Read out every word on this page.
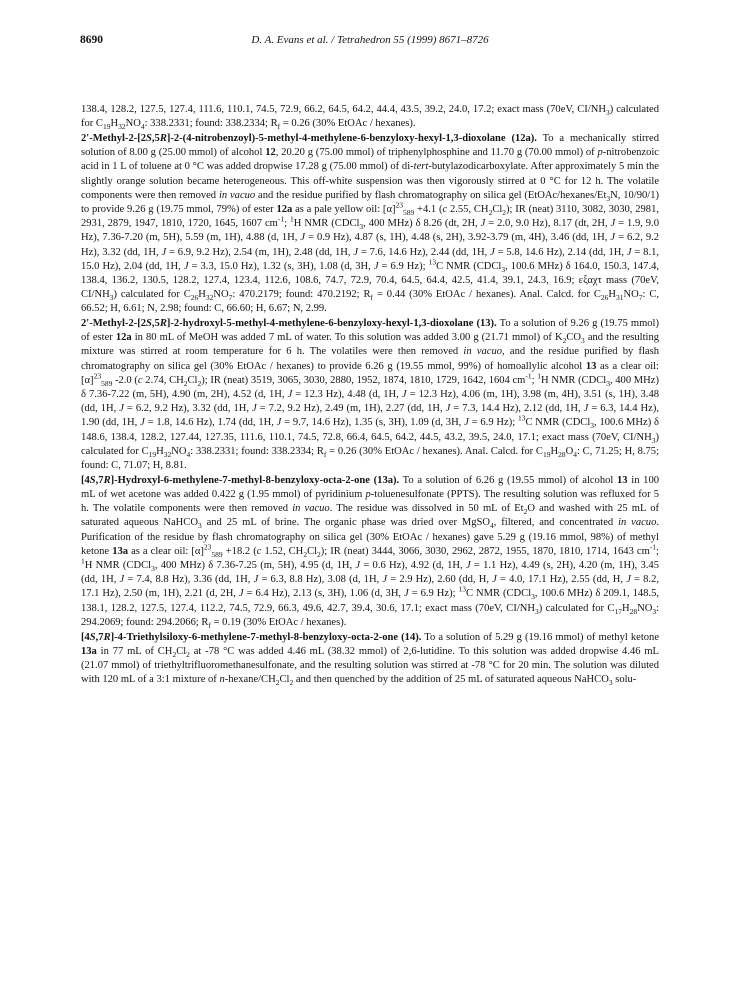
8690	D. A. Evans et al. / Tetrahedron 55 (1999) 8671–8726

138.4, 128.2, 127.5, 127.4, 111.6, 110.1, 74.5, 72.9, 66.2, 64.5, 64.2, 44.4, 43.5, 39.2, 24.0, 17.2; exact mass (70eV, $CI/NH_3$) calculated for $C_{19}H_{32}NO_4$: 338.2331; found: 338.2334; $R_f = 0.26$ (30% EtOAc / hexanes).

2'-Methyl-2-[2S,5R]-2-(4-nitrobenzoyl)-5-methyl-4-methylene-6-benzyloxy-hexyl-1,3-dioxolane (12a). To a mechanically stirred solution of 8.00 g (25.00 mmol) of alcohol 12, 20.20 g (75.00 mmol) of triphenylphosphine and 11.70 g (70.00 mmol) of p-nitrobenzoic acid in 1 L of toluene at 0 °C was added dropwise 17.28 g (75.00 mmol) of di-tert-butylazodicarboxylate. After approximately 5 min the slightly orange solution became heterogeneous. This off-white suspension was then vigorously stirred at 0 °C for 12 h. The volatile components were then removed in vacuo and the residue purified by flash chromatography on silica gel ($EtOAc/hexanes/Et_3N$, 10/90/1) to provide 9.26 g (19.75 mmol, 79%) of ester 12a as a pale yellow oil: $[\alpha]^{23}_{589} +4.1$ (c 2.55, $CH_2Cl_2$); IR (neat) 3110, 3082, 3030, 2981, 2931, 2879, 1947, 1810, 1720, 1645, 1607 $cm^{-1}$; $^1$H NMR (CDCl$_3$, 400 MHz) δ 8.26 (dt, 2H, J = 2.0, 9.0 Hz), 8.17 (dt, 2H, J = 1.9, 9.0 Hz), 7.36-7.20 (m, 5H), 5.59 (m, 1H), 4.88 (d, 1H, J = 0.9 Hz), 4.87 (s, 1H), 4.48 (s, 2H), 3.92-3.79 (m, 4H), 3.46 (dd, 1H, J = 6.2, 9.2 Hz), 3.32 (dd, 1H, J = 6.9, 9.2 Hz), 2.54 (m, 1H), 2.48 (dd, 1H, J = 7.6, 14.6 Hz), 2.44 (dd, 1H, J = 5.8, 14.6 Hz), 2.14 (dd, 1H, J = 8.1, 15.0 Hz), 2.04 (dd, 1H, J = 3.3, 15.0 Hz), 1.32 (s, 3H), 1.08 (d, 3H, J = 6.9 Hz); $^{13}$C NMR (CDCl$_3$, 100.6 MHz) δ 164.0, 150.3, 147.4, 138.4, 136.2, 130.5, 128.2, 127.4, 123.4, 112.6, 108.6, 74.7, 72.9, 70.4, 64.5, 64.4, 42.5, 41.4, 39.1, 24.3, 16.9; εξαχτ mass (70eV, $CI/NH_3$) calculated for $C_{26}H_{32}NO_7$: 470.2179; found: 470.2192; $R_f = 0.44$ (30% EtOAc / hexanes). Anal. Calcd. for $C_{26}H_{31}NO_7$: C, 66.52; H, 6.61; N, 2.98; found: C, 66.60; H, 6.67; N, 2.99.

2'-Methyl-2-[2S,5R]-2-hydroxyl-5-methyl-4-methylene-6-benzyloxy-hexyl-1,3-dioxolane (13). To a solution of 9.26 g (19.75 mmol) of ester 12a in 80 mL of MeOH was added 7 mL of water. To this solution was added 3.00 g (21.71 mmol) of $K_2CO_3$ and the resulting mixture was stirred at room temperature for 6 h. The volatiles were then removed in vacuo, and the residue purified by flash chromatography on silica gel (30% EtOAc / hexanes) to provide 6.26 g (19.55 mmol, 99%) of homoallylic alcohol 13 as a clear oil: $[\alpha]^{23}_{589}$ -2.0 (c 2.74, $CH_2Cl_2$); IR (neat) 3519, 3065, 3030, 2880, 1952, 1874, 1810, 1729, 1642, 1604 $cm^{-1}$; $^1$H NMR (CDCl$_3$, 400 MHz) δ 7.36-7.22 (m, 5H), 4.90 (m, 2H), 4.52 (d, 1H, J = 12.3 Hz), 4.48 (d, 1H, J = 12.3 Hz), 4.06 (m, 1H), 3.98 (m, 4H), 3.51 (s, 1H), 3.48 (dd, 1H, J = 6.2, 9.2 Hz), 3.32 (dd, 1H, J = 7.2, 9.2 Hz), 2.49 (m, 1H), 2.27 (dd, 1H, J = 7.3, 14.4 Hz), 2.12 (dd, 1H, J = 6.3, 14.4 Hz), 1.90 (dd, 1H, J = 1.8, 14.6 Hz), 1.74 (dd, 1H, J = 9.7, 14.6 Hz), 1.35 (s, 3H), 1.09 (d, 3H, J = 6.9 Hz); $^{13}$C NMR (CDCl$_3$, 100.6 MHz) δ 148.6, 138.4, 128.2, 127.44, 127.35, 111.6, 110.1, 74.5, 72.8, 66.4, 64.5, 64.2, 44.5, 43.2, 39.5, 24.0, 17.1; exact mass (70eV, $CI/NH_3$) calculated for $C_{19}H_{32}NO_4$: 338.2331; found: 338.2334; $R_f = 0.26$ (30% EtOAc / hexanes). Anal. Calcd. for $C_{19}H_{28}O_4$: C, 71.25; H, 8.75; found: C, 71.07; H, 8.81.

[4S,7R]-Hydroxyl-6-methylene-7-methyl-8-benzyloxy-octa-2-one (13a). To a solution of 6.26 g (19.55 mmol) of alcohol 13 in 100 mL of wet acetone was added 0.422 g (1.95 mmol) of pyridinium p-toluenesulfonate (PPTS). The resulting solution was refluxed for 5 h. The volatile components were then removed in vacuo. The residue was dissolved in 50 mL of $Et_2O$ and washed with 25 mL of saturated aqueous NaHCO$_3$ and 25 mL of brine. The organic phase was dried over MgSO$_4$, filtered, and concentrated in vacuo. Purification of the residue by flash chromatography on silica gel (30% EtOAc / hexanes) gave 5.29 g (19.16 mmol, 98%) of methyl ketone 13a as a clear oil: $[\alpha]^{23}_{589} +18.2$ (c 1.52, $CH_2Cl_2$); IR (neat) 3444, 3066, 3030, 2962, 2872, 1955, 1870, 1810, 1714, 1643 $cm^{-1}$; $^1$H NMR (CDCl$_3$, 400 MHz) δ 7.36-7.25 (m, 5H), 4.95 (d, 1H, J = 0.6 Hz), 4.92 (d, 1H, J = 1.1 Hz), 4.49 (s, 2H), 4.20 (m, 1H), 3.45 (dd, 1H, J = 7.4, 8.8 Hz), 3.36 (dd, 1H, J = 6.3, 8.8 Hz), 3.08 (d, 1H, J = 2.9 Hz), 2.60 (dd, H, J = 4.0, 17.1 Hz), 2.55 (dd, H, J = 8.2, 17.1 Hz), 2.50 (m, 1H), 2.21 (d, 2H, J = 6.4 Hz), 2.13 (s, 3H), 1.06 (d, 3H, J = 6.9 Hz); $^{13}$C NMR (CDCl$_3$, 100.6 MHz) δ 209.1, 148.5, 138.1, 128.2, 127.5, 127.4, 112.2, 74.5, 72.9, 66.3, 49.6, 42.7, 39.4, 30.6, 17.1; exact mass (70eV, $CI/NH_3$) calculated for $C_{17}H_{28}NO_3$: 294.2069; found: 294.2066; $R_f = 0.19$ (30% EtOAc / hexanes).

[4S,7R]-4-Triethylsiloxy-6-methylene-7-methyl-8-benzyloxy-octa-2-one (14). To a solution of 5.29 g (19.16 mmol) of methyl ketone 13a in 77 mL of $CH_2Cl_2$ at -78 °C was added 4.46 mL (38.32 mmol) of 2,6-lutidine. To this solution was added dropwise 4.46 mL (21.07 mmol) of triethyltrifluoromethanesulfonate, and the resulting solution was stirred at -78 °C for 20 min. The solution was diluted with 120 mL of a 3:1 mixture of $n-hexane/CH_2Cl_2$ and then quenched by the addition of 25 mL of saturated aqueous NaHCO$_3$ solu-
